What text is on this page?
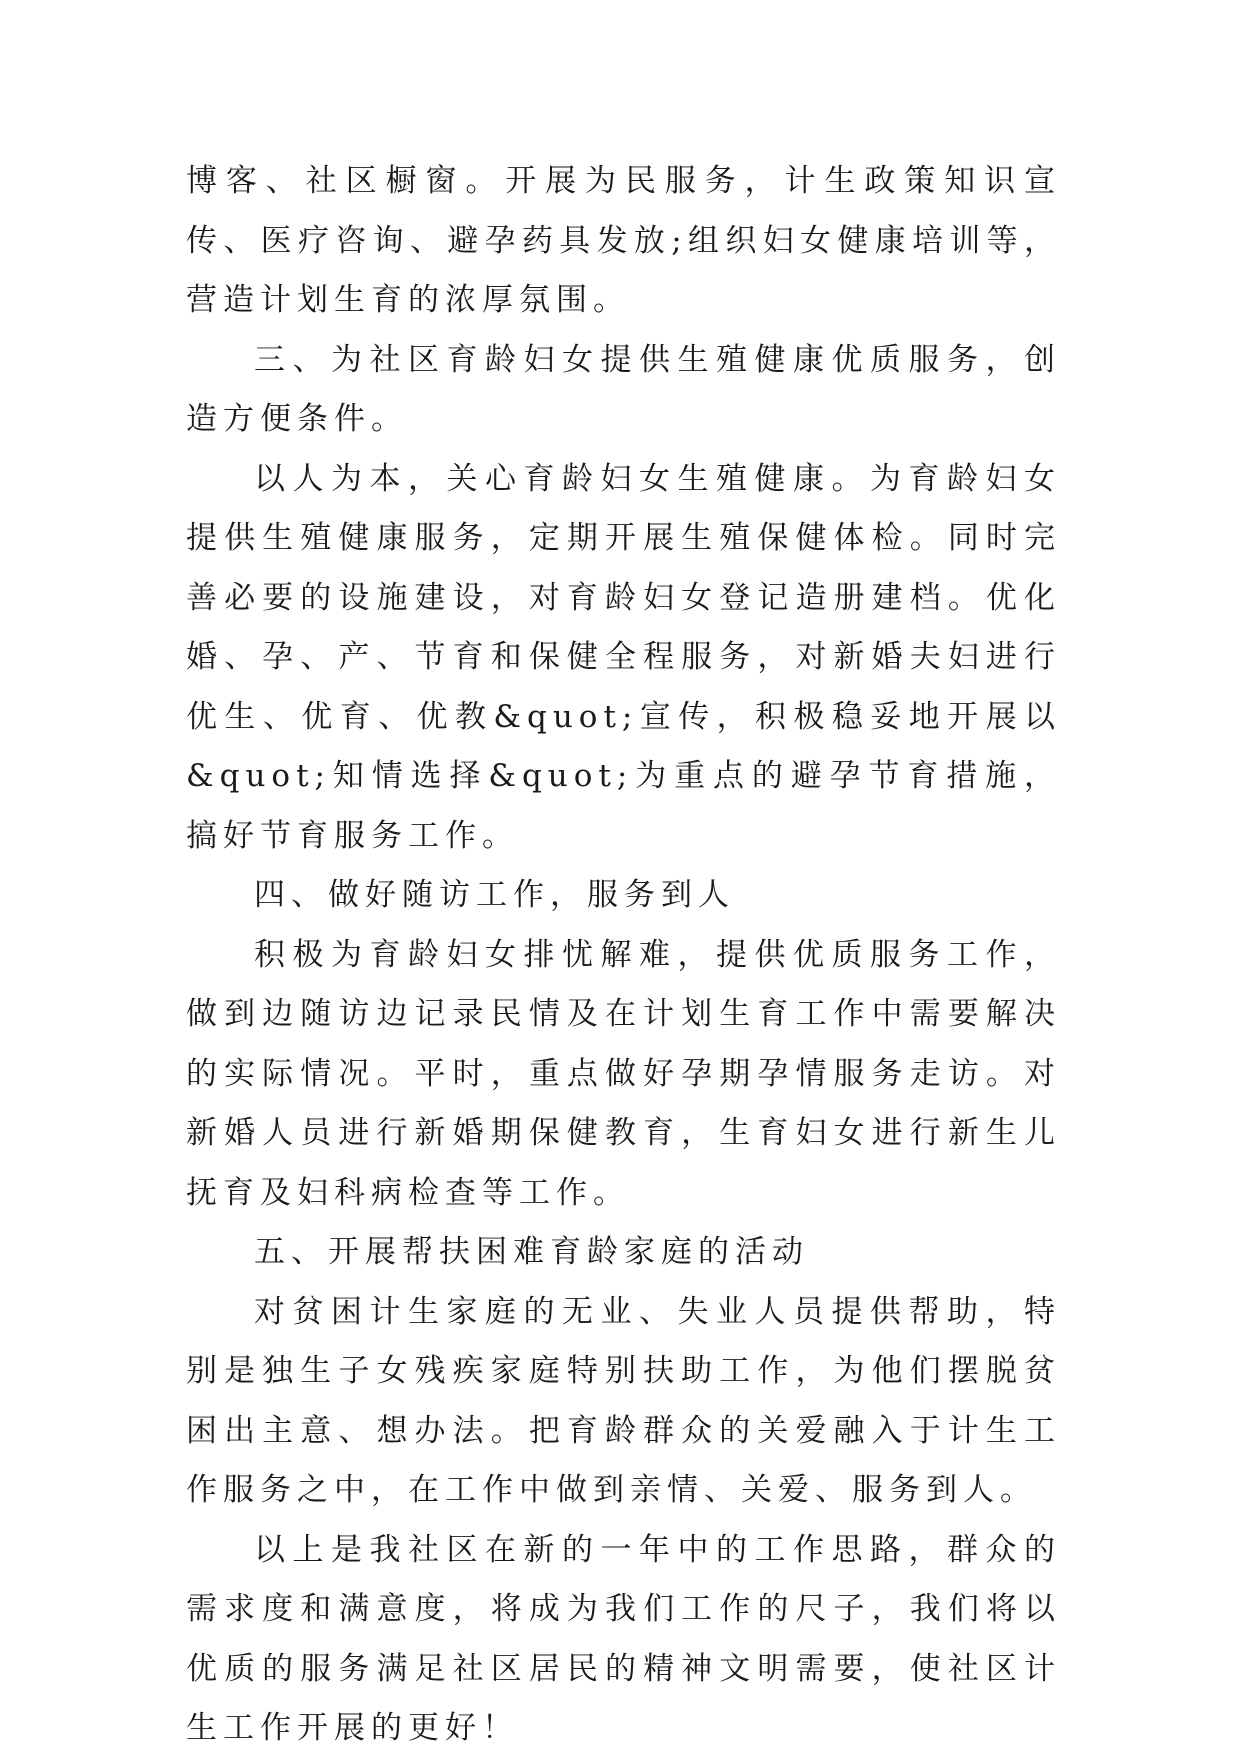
博客、社区橱窗。开展为民服务，计生政策知识宣传、医疗咨询、避孕药具发放;组织妇女健康培训等，营造计划生育的浓厚氛围。

三、为社区育龄妇女提供生殖健康优质服务，创造方便条件。

以人为本，关心育龄妇女生殖健康。为育龄妇女提供生殖健康服务，定期开展生殖保健体检。同时完善必要的设施建设，对育龄妇女登记造册建档。优化婚、孕、产、节育和保健全程服务，对新婚夫妇进行优生、优育、优教&quot;宣传，积极稳妥地开展以&quot;知情选择&quot;为重点的避孕节育措施，搞好节育服务工作。

四、做好随访工作，服务到人

积极为育龄妇女排忧解难，提供优质服务工作，做到边随访边记录民情及在计划生育工作中需要解决的实际情况。平时，重点做好孕期孕情服务走访。对新婚人员进行新婚期保健教育，生育妇女进行新生儿抚育及妇科病检查等工作。

五、开展帮扶困难育龄家庭的活动

对贫困计生家庭的无业、失业人员提供帮助，特别是独生子女残疾家庭特别扶助工作，为他们摆脱贫困出主意、想办法。把育龄群众的关爱融入于计生工作服务之中，在工作中做到亲情、关爱、服务到人。

以上是我社区在新的一年中的工作思路，群众的需求度和满意度，将成为我们工作的尺子，我们将以优质的服务满足社区居民的精神文明需要，使社区计生工作开展的更好！
